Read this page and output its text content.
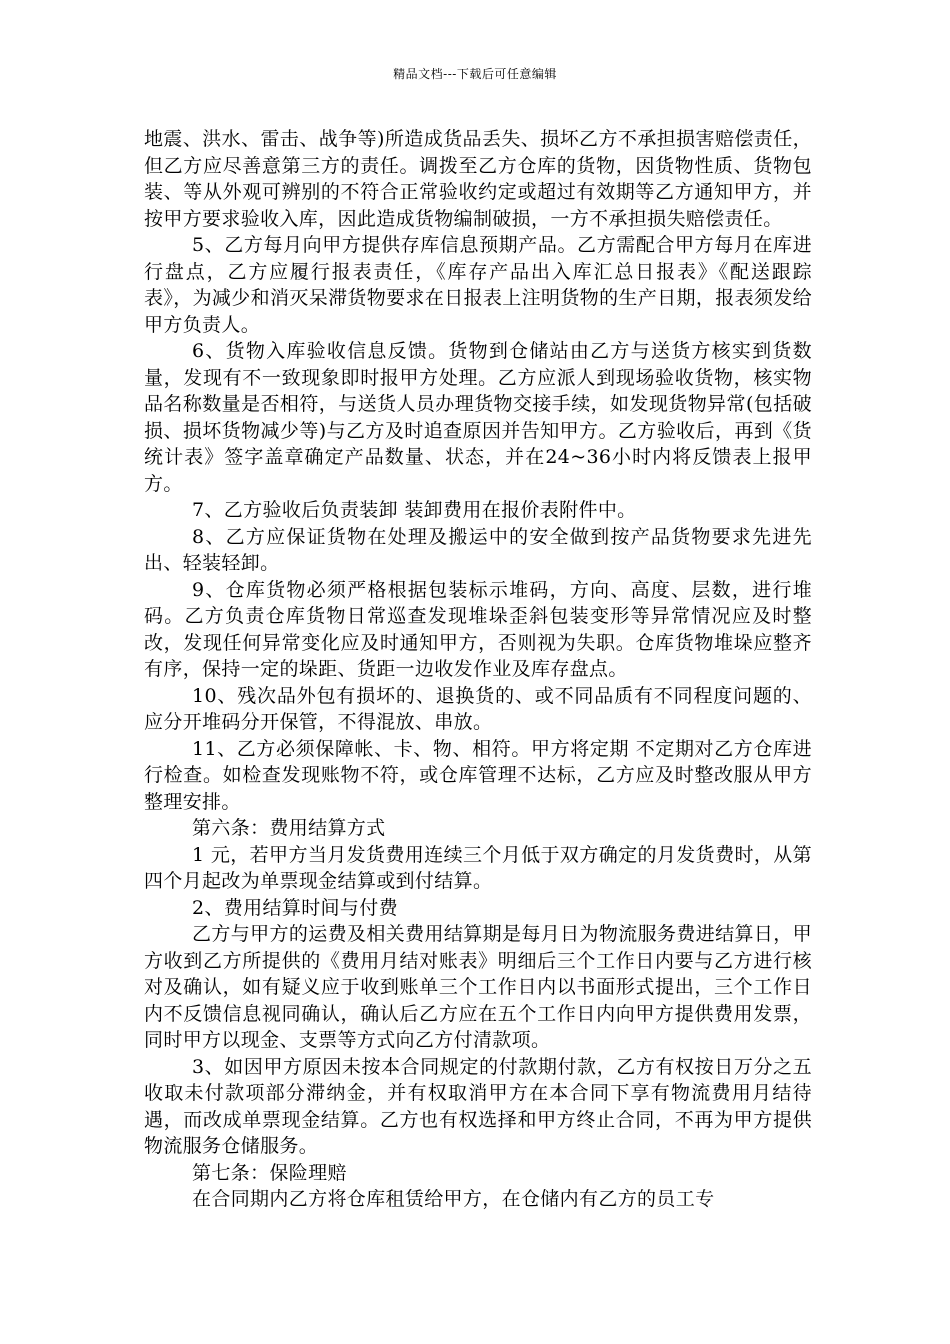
精品文档---下载后可任意编辑

地震、洪水、雷击、战争等)所造成货品丢失、损坏乙方不承担损害赔偿责任，但乙方应尽善意第三方的责任。调拨至乙方仓库的货物，因货物性质、货物包装、等从外观可辨别的不符合正常验收约定或超过有效期等乙方通知甲方，并按甲方要求验收入库，因此造成货物编制破损，一方不承担损失赔偿责任。

5、乙方每月向甲方提供存库信息预期产品。乙方需配合甲方每月在库进行盘点，乙方应履行报表责任，《库存产品出入库汇总日报表》《配送跟踪表》，为减少和消灭呆滞货物要求在日报表上注明货物的生产日期，报表须发给甲方负责人。

6、货物入库验收信息反馈。货物到仓储站由乙方与送货方核实到货数量，发现有不一致现象即时报甲方处理。乙方应派人到现场验收货物，核实物品名称数量是否相符，与送货人员办理货物交接手续，如发现货物异常(包括破损、损坏货物减少等)与乙方及时追查原因并告知甲方。乙方验收后，再到《货统计表》签字盖章确定产品数量、状态，并在24~36小时内将反馈表上报甲方。

7、乙方验收后负责装卸 装卸费用在报价表附件中。

8、乙方应保证货物在处理及搬运中的安全做到按产品货物要求先进先出、轻装轻卸。

9、仓库货物必须严格根据包装标示堆码，方向、高度、层数，进行堆码。乙方负责仓库货物日常巡查发现堆垛歪斜包装变形等异常情况应及时整改，发现任何异常变化应及时通知甲方，否则视为失职。仓库货物堆垛应整齐有序，保持一定的垛距、货距一边收发作业及库存盘点。

10、残次品外包有损坏的、退换货的、或不同品质有不同程度问题的、应分开堆码分开保管，不得混放、串放。

11、乙方必须保障帐、卡、物、相符。甲方将定期 不定期对乙方仓库进行检查。如检查发现账物不符，或仓库管理不达标，乙方应及时整改服从甲方整理安排。

第六条：费用结算方式

1 元，若甲方当月发货费用连续三个月低于双方确定的月发货费时，从第四个月起改为单票现金结算或到付结算。

2、费用结算时间与付费

乙方与甲方的运费及相关费用结算期是每月日为物流服务费进结算日，甲方收到乙方所提供的《费用月结对账表》明细后三个工作日内要与乙方进行核对及确认，如有疑义应于收到账单三个工作日内以书面形式提出，三个工作日内不反馈信息视同确认，确认后乙方应在五个工作日内向甲方提供费用发票，同时甲方以现金、支票等方式向乙方付清款项。

3、如因甲方原因未按本合同规定的付款期付款，乙方有权按日万分之五收取未付款项部分滞纳金，并有权取消甲方在本合同下享有物流费用月结待遇，而改成单票现金结算。乙方也有权选择和甲方终止合同，不再为甲方提供物流服务仓储服务。

第七条：保险理赔

在合同期内乙方将仓库租赁给甲方，在仓储内有乙方的员工专
